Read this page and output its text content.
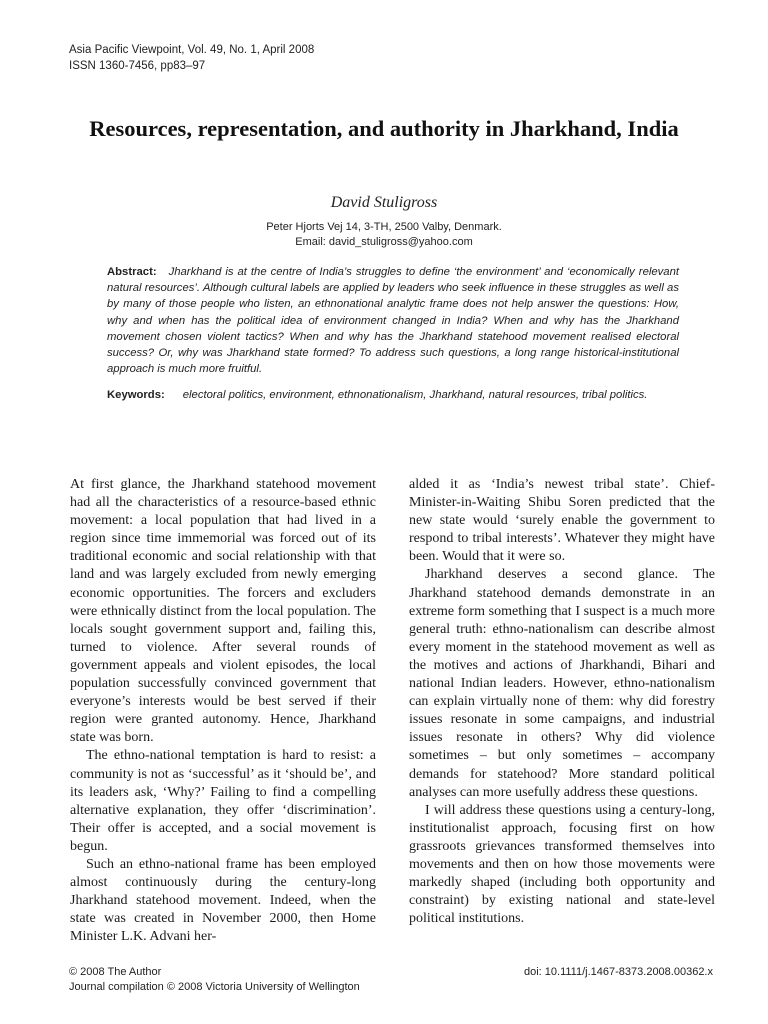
Asia Pacific Viewpoint, Vol. 49, No. 1, April 2008
ISSN 1360-7456, pp83–97
Resources, representation, and authority in Jharkhand, India
David Stuligross
Peter Hjorts Vej 14, 3-TH, 2500 Valby, Denmark.
Email: david_stuligross@yahoo.com
Abstract: Jharkhand is at the centre of India’s struggles to define ‘the environment’ and ‘economically relevant natural resources’. Although cultural labels are applied by leaders who seek influence in these struggles as well as by many of those people who listen, an ethnonational analytic frame does not help answer the questions: How, why and when has the political idea of environment changed in India? When and why has the Jharkhand movement chosen violent tactics? When and why has the Jharkhand statehood movement realised electoral success? Or, why was Jharkhand state formed? To address such questions, a long range historical-institutional approach is much more fruitful.
Keywords: electoral politics, environment, ethnonationalism, Jharkhand, natural resources, tribal politics.

At first glance, the Jharkhand statehood movement had all the characteristics of a resource-based ethnic movement: a local population that had lived in a region since time immemorial was forced out of its traditional economic and social relationship with that land and was largely excluded from newly emerging economic opportunities. The forcers and excluders were ethnically distinct from the local population. The locals sought government support and, failing this, turned to violence. After several rounds of government appeals and violent episodes, the local population successfully convinced government that everyone’s interests would be best served if their region were granted autonomy. Hence, Jharkhand state was born.

The ethno-national temptation is hard to resist: a community is not as ‘successful’ as it ‘should be’, and its leaders ask, ‘Why?’ Failing to find a compelling alternative explanation, they offer ‘discrimination’. Their offer is accepted, and a social movement is begun.

Such an ethno-national frame has been employed almost continuously during the century-long Jharkhand statehood movement. Indeed, when the state was created in November 2000, then Home Minister L.K. Advani her-

alded it as ‘India’s newest tribal state’. Chief-Minister-in-Waiting Shibu Soren predicted that the new state would ‘surely enable the government to respond to tribal interests’. Whatever they might have been. Would that it were so.

Jharkhand deserves a second glance. The Jharkhand statehood demands demonstrate in an extreme form something that I suspect is a much more general truth: ethno-nationalism can describe almost every moment in the statehood movement as well as the motives and actions of Jharkhandi, Bihari and national Indian leaders. However, ethno-nationalism can explain virtually none of them: why did forestry issues resonate in some campaigns, and industrial issues resonate in others? Why did violence sometimes – but only sometimes – accompany demands for statehood? More standard political analyses can more usefully address these questions.

I will address these questions using a century-long, institutionalist approach, focusing first on how grassroots grievances transformed themselves into movements and then on how those movements were markedly shaped (including both opportunity and constraint) by existing national and state-level political institutions.

© 2008 The Author
Journal compilation © 2008 Victoria University of Wellington
doi: 10.1111/j.1467-8373.2008.00362.x
